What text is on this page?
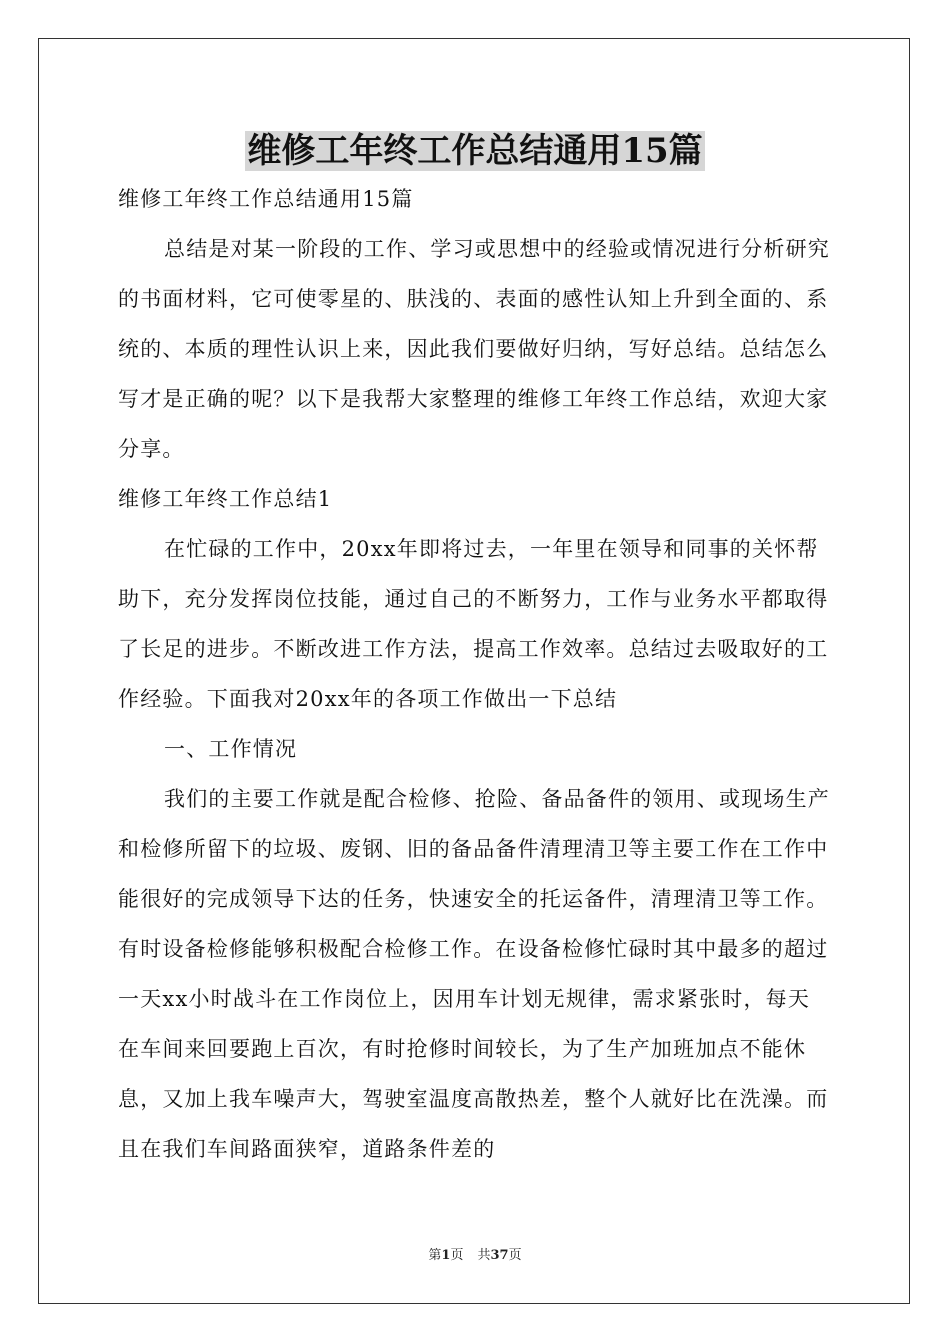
维修工年终工作总结通用15篇

维修工年终工作总结通用15篇

总结是对某一阶段的工作、学习或思想中的经验或情况进行分析研究的书面材料，它可使零星的、肤浅的、表面的感性认知上升到全面的、系统的、本质的理性认识上来，因此我们要做好归纳，写好总结。总结怎么写才是正确的呢？以下是我帮大家整理的维修工年终工作总结，欢迎大家分享。

维修工年终工作总结1

在忙碌的工作中，20xx年即将过去，一年里在领导和同事的关怀帮助下，充分发挥岗位技能，通过自己的不断努力，工作与业务水平都取得了长足的进步。不断改进工作方法，提高工作效率。总结过去吸取好的工作经验。下面我对20xx年的各项工作做出一下总结

一、工作情况

我们的主要工作就是配合检修、抢险、备品备件的领用、或现场生产和检修所留下的垃圾、废钢、旧的备品备件清理清卫等主要工作在工作中能很好的完成领导下达的任务，快速安全的托运备件，清理清卫等工作。有时设备检修能够积极配合检修工作。在设备检修忙碌时其中最多的超过一天xx小时战斗在工作岗位上，因用车计划无规律，需求紧张时，每天在车间来回要跑上百次，有时抢修时间较长，为了生产加班加点不能休息，又加上我车噪声大，驾驶室温度高散热差，整个人就好比在洗澡。而且在我们车间路面狭窄，道路条件差的

第1页 共37页
